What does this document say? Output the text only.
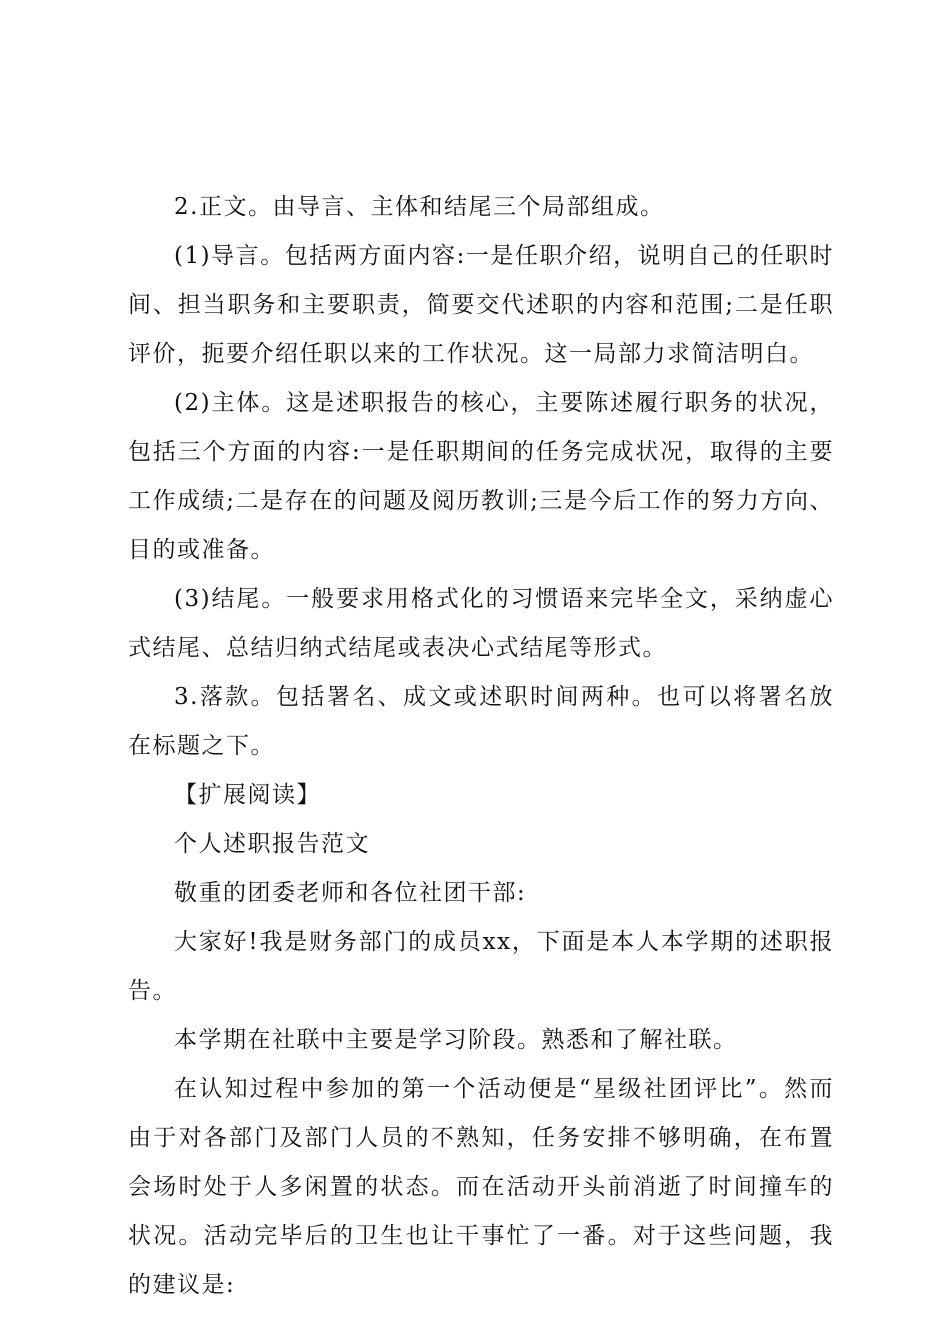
2.正文。由导言、主体和结尾三个局部组成。

(1)导言。包括两方面内容:一是任职介绍，说明自己的任职时间、担当职务和主要职责，简要交代述职的内容和范围;二是任职评价，扼要介绍任职以来的工作状况。这一局部力求简洁明白。

(2)主体。这是述职报告的核心，主要陈述履行职务的状况，包括三个方面的内容:一是任职期间的任务完成状况，取得的主要工作成绩;二是存在的问题及阅历教训;三是今后工作的努力方向、目的或准备。

(3)结尾。一般要求用格式化的习惯语来完毕全文，采纳虚心式结尾、总结归纳式结尾或表决心式结尾等形式。

3.落款。包括署名、成文或述职时间两种。也可以将署名放在标题之下。

【扩展阅读】

个人述职报告范文

敬重的团委老师和各位社团干部:

大家好!我是财务部门的成员xx，下面是本人本学期的述职报告。

本学期在社联中主要是学习阶段。熟悉和了解社联。

在认知过程中参加的第一个活动便是“星级社团评比”。然而由于对各部门及部门人员的不熟知，任务安排不够明确，在布置会场时处于人多闲置的状态。而在活动开头前消逝了时间撞车的状况。活动完毕后的卫生也让干事忙了一番。对于这些问题，我的建议是:
